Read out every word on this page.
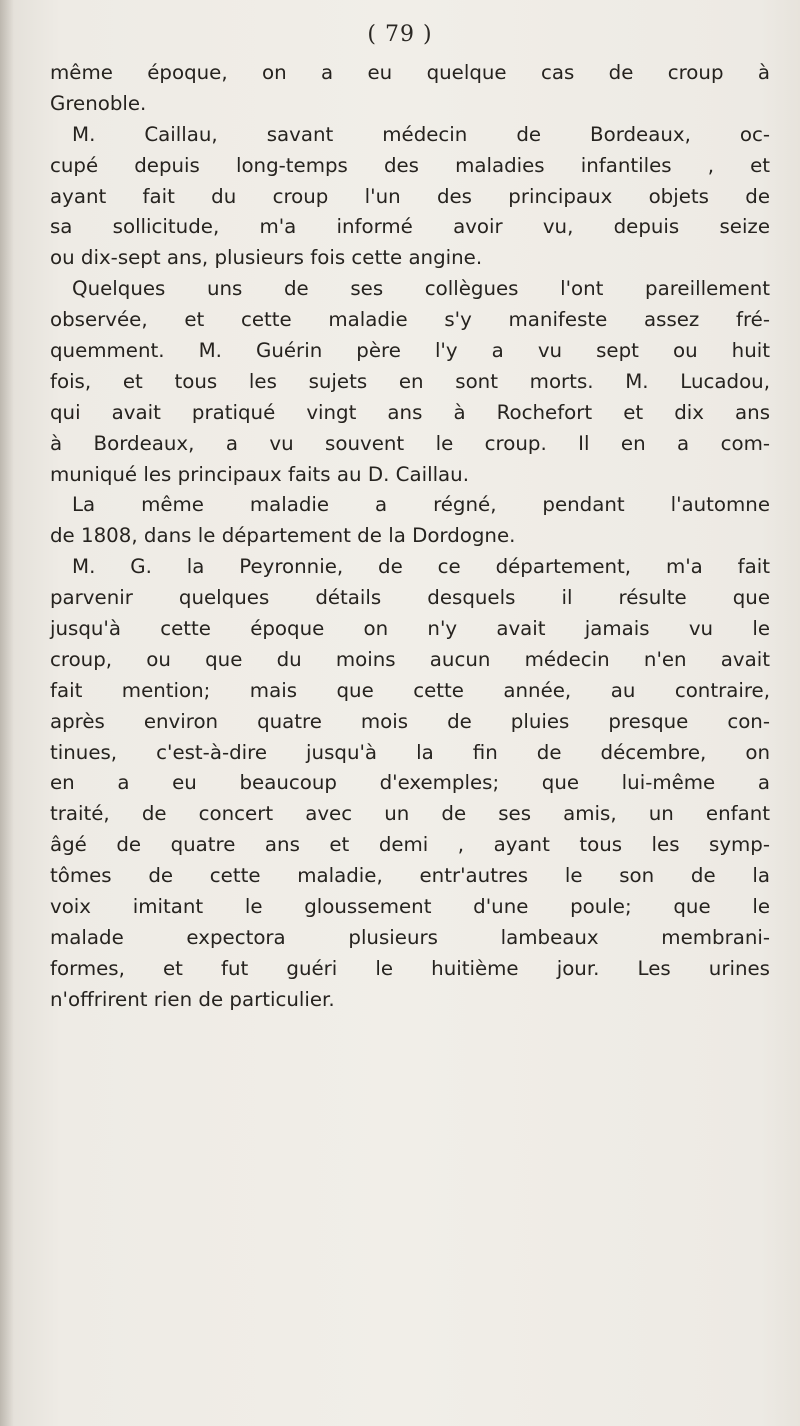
( 79 )
même époque, on a eu quelque cas de croup à
Grenoble.
M. Caillau, savant médecin de Bordeaux, oc-
cupé depuis long-temps des maladies infantiles , et
ayant fait du croup l'un des principaux objets de
sa sollicitude, m'a informé avoir vu, depuis seize
ou dix-sept ans, plusieurs fois cette angine.
Quelques uns de ses collègues l'ont pareillement
observée, et cette maladie s'y manifeste assez fré-
quemment. M. Guérin père l'y a vu sept ou huit
fois, et tous les sujets en sont morts. M. Lucadou,
qui avait pratiqué vingt ans à Rochefort et dix ans
à Bordeaux, a vu souvent le croup. Il en a com-
muniqué les principaux faits au D. Caillau.
La même maladie a régné, pendant l'automne
de 1808, dans le département de la Dordogne.
M. G. la Peyronnie, de ce département, m'a fait
parvenir quelques détails desquels il résulte que
jusqu'à cette époque on n'y avait jamais vu le
croup, ou que du moins aucun médecin n'en avait
fait mention; mais que cette année, au contraire,
après environ quatre mois de pluies presque con-
tinues, c'est-à-dire jusqu'à la fin de décembre, on
en a eu beaucoup d'exemples; que lui-même a
traité, de concert avec un de ses amis, un enfant
âgé de quatre ans et demi , ayant tous les symp-
tômes de cette maladie, entr'autres le son de la
voix imitant le gloussement d'une poule; que le
malade expectora plusieurs lambeaux membrani-
formes, et fut guéri le huitième jour. Les urines
n'offrirent rien de particulier.
